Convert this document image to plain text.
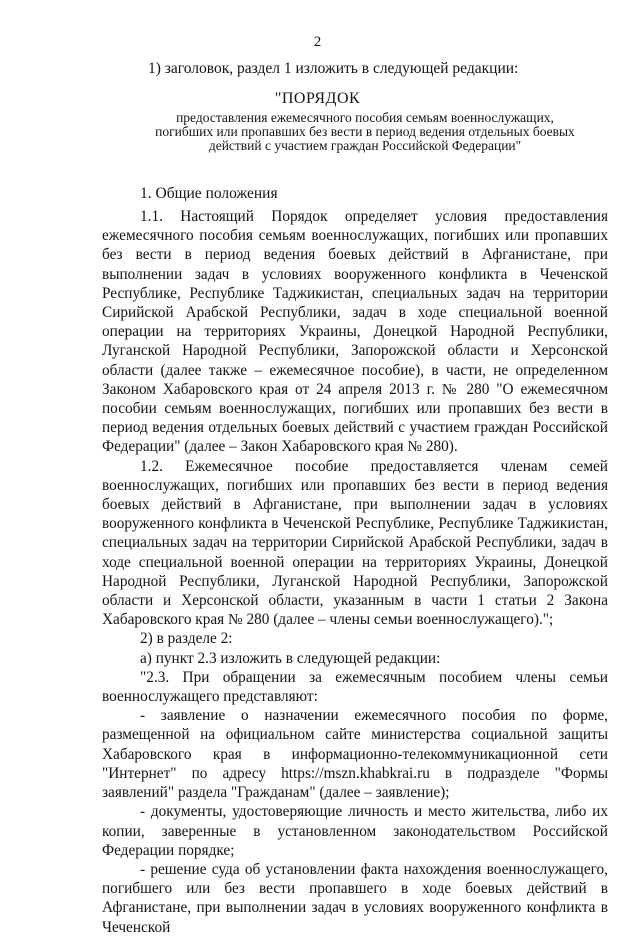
2
1) заголовок, раздел 1 изложить в следующей редакции:
"ПОРЯДОК
предоставления ежемесячного пособия семьям военнослужащих, погибших или пропавших без вести в период ведения отдельных боевых действий с участием граждан Российской Федерации"
1. Общие положения

1.1. Настоящий Порядок определяет условия предоставления ежемесячного пособия семьям военнослужащих, погибших или пропавших без вести в период ведения боевых действий в Афганистане, при выполнении задач в условиях вооруженного конфликта в Чеченской Республике, Республике Таджикистан, специальных задач на территории Сирийской Арабской Республики, задач в ходе специальной военной операции на территориях Украины, Донецкой Народной Республики, Луганской Народной Республики, Запорожской области и Херсонской области (далее также – ежемесячное пособие), в части, не определенном Законом Хабаровского края от 24 апреля 2013 г. № 280 "О ежемесячном пособии семьям военнослужащих, погибших или пропавших без вести в период ведения отдельных боевых действий с участием граждан Российской Федерации" (далее – Закон Хабаровского края № 280).

1.2. Ежемесячное пособие предоставляется членам семей военнослужащих, погибших или пропавших без вести в период ведения боевых действий в Афганистане, при выполнении задач в условиях вооруженного конфликта в Чеченской Республике, Республике Таджикистан, специальных задач на территории Сирийской Арабской Республики, задач в ходе специальной военной операции на территориях Украины, Донецкой Народной Республики, Луганской Народной Республики, Запорожской области и Херсонской области, указанным в части 1 статьи 2 Закона Хабаровского края № 280 (далее – члены семьи военнослужащего).";

2) в разделе 2:

а) пункт 2.3 изложить в следующей редакции:

"2.3. При обращении за ежемесячным пособием члены семьи военнослужащего представляют:

- заявление о назначении ежемесячного пособия по форме, размещенной на официальном сайте министерства социальной защиты Хабаровского края в информационно-телекоммуникационной сети "Интернет" по адресу https://mszn.khabkrai.ru в подразделе "Формы заявлений" раздела "Гражданам" (далее – заявление);

- документы, удостоверяющие личность и место жительства, либо их копии, заверенные в установленном законодательством Российской Федерации порядке;

- решение суда об установлении факта нахождения военнослужащего, погибшего или без вести пропавшего в ходе боевых действий в Афганистане, при выполнении задач в условиях вооруженного конфликта в Чеченской
